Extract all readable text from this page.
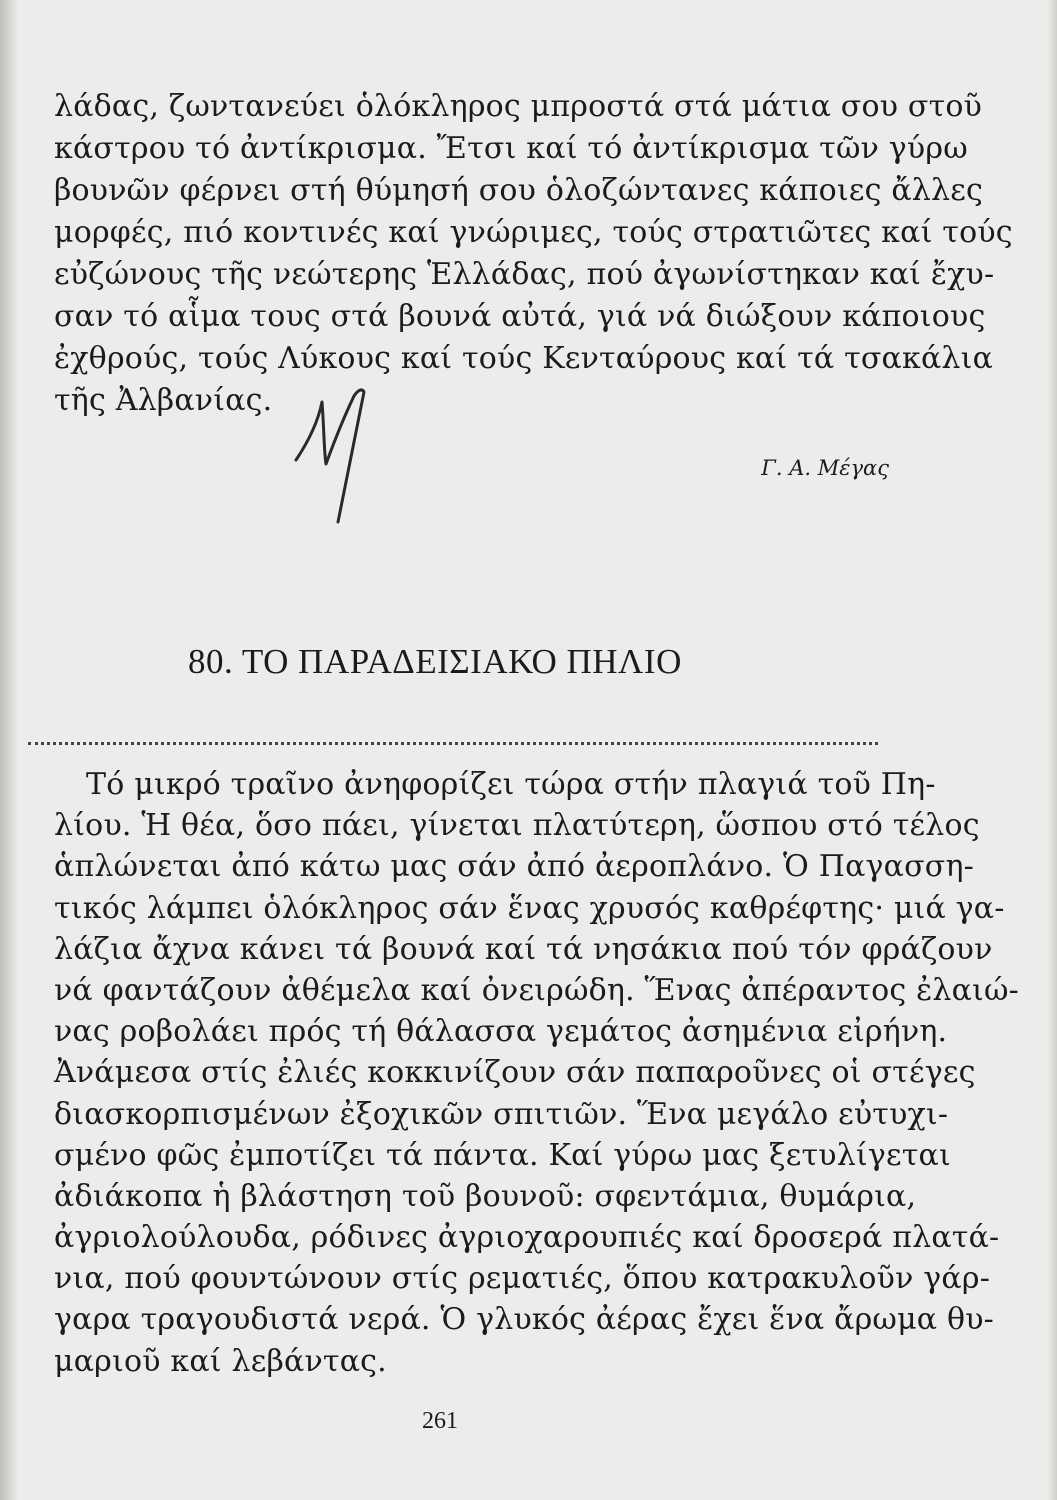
λάδας, ζωντανεύει ὁλόκληρος μπροστά στά μάτια σου στοῦ
κάστρου τό ἀντίκρισμα. Ἔτσι καί τό ἀντίκρισμα τῶν γύρω
βουνῶν φέρνει στή θύμησή σου ὁλοζώντανες κάποιες ἄλλες
μορφές, πιό κοντινές καί γνώριμες, τούς στρατιῶτες καί τούς
εὐζώνους τῆς νεώτερης Ἑλλάδας, πού ἀγωνίστηκαν καί ἔχυ-
σαν τό αἷμα τους στά βουνά αὐτά, γιά νά διώξουν κάποιους
ἐχθρούς, τούς Λύκους καί τούς Κενταύρους καί τά τσακάλια
τῆς Ἀλβανίας.
Γ. Α. Μέγας
80. ΤΟ ΠΑΡΑΔΕΙΣΙΑΚΟ ΠΗΛΙΟ
Τό μικρό τραῖνο ἀνηφορίζει τώρα στήν πλαγιά τοῦ Πη-
λίου. Ἡ θέα, ὅσο πάει, γίνεται πλατύτερη, ὥσπου στό τέλος
ἁπλώνεται ἀπό κάτω μας σάν ἀπό ἀεροπλάνο. Ὁ Παγασση-
τικός λάμπει ὁλόκληρος σάν ἕνας χρυσός καθρέφτης· μιά γα-
λάζια ἄχνα κάνει τά βουνά καί τά νησάκια πού τόν φράζουν
νά φαντάζουν ἀθέμελα καί ὀνειρώδη. Ἕνας ἀπέραντος ἐλαιώ-
νας ροβολάει πρός τή θάλασσα γεμάτος ἀσημένια εἰρήνη.
Ἀνάμεσα στίς ἐλιές κοκκινίζουν σάν παπαροῦνες οἱ στέγες
διασκορπισμένων ἐξοχικῶν σπιτιῶν. Ἕνα μεγάλο εὐτυχι-
σμένο φῶς ἐμποτίζει τά πάντα. Καί γύρω μας ξετυλίγεται
ἀδιάκοπα ἡ βλάστηση τοῦ βουνοῦ: σφεντάμια, θυμάρια,
ἀγριολούλουδα, ρόδινες ἀγριοχαρουπιές καί δροσερά πλατά-
νια, πού φουντώνουν στίς ρεματιές, ὅπου κατρακυλοῦν γάρ-
γαρα τραγουδιστά νερά. Ὁ γλυκός ἀέρας ἔχει ἕνα ἄρωμα θυ-
μαριοῦ καί λεβάντας.
261
